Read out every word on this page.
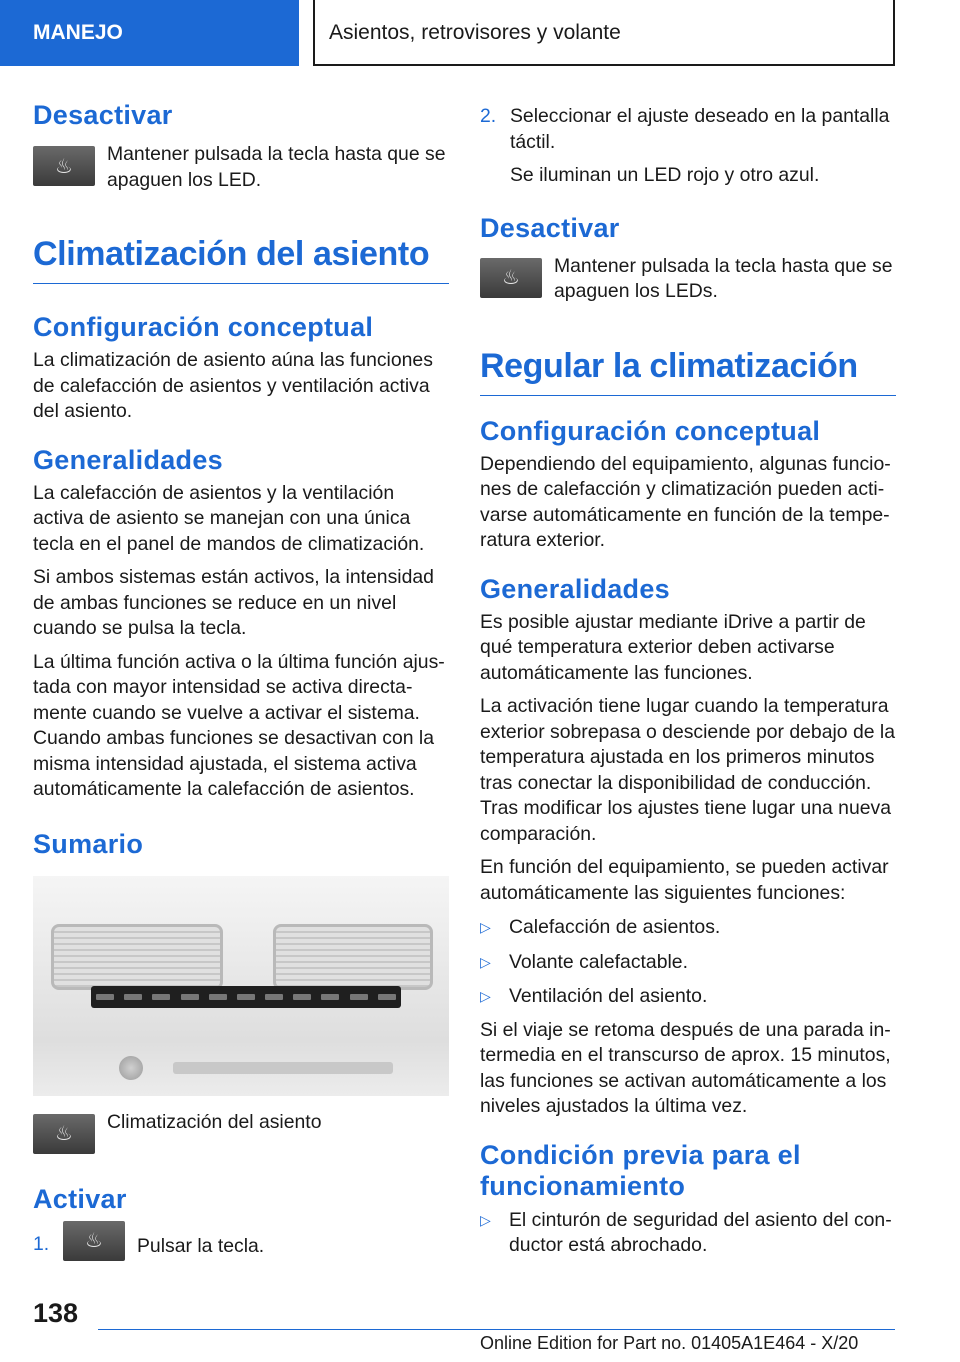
MANEJO	Asientos, retrovisores y volante
Desactivar
♨
Mantener pulsada la tecla hasta que se apaguen los LED.
Climatización del asiento
Configuración conceptual

La climatización de asiento aúna las funciones de calefacción de asientos y ventilación activa del asiento.

Generalidades

La calefacción de asientos y la ventilación activa de asiento se manejan con una única tecla en el panel de mandos de climatización.

Si ambos sistemas están activos, la intensidad de ambas funciones se reduce en un nivel cuando se pulsa la tecla.

La última función activa o la última función ajustada con mayor intensidad se activa directamente cuando se vuelve a activar el sistema. Cuando ambas funciones se desactivan con la misma intensidad ajustada, el sistema activa automáticamente la calefacción de asientos.

Sumario
♨
Climatización del asiento
Activar
1.	♨	Pulsar la tecla.
2. Seleccionar el ajuste deseado en la pantalla táctil.

Se iluminan un LED rojo y otro azul.

Desactivar
♨
Mantener pulsada la tecla hasta que se apaguen los LEDs.
Regular la climatización
Configuración conceptual

Dependiendo del equipamiento, algunas funciones de calefacción y climatización pueden activarse automáticamente en función de la temperatura exterior.

Generalidades

Es posible ajustar mediante iDrive a partir de qué temperatura exterior deben activarse automáticamente las funciones.

La activación tiene lugar cuando la temperatura exterior sobrepasa o desciende por debajo de la temperatura ajustada en los primeros minutos tras conectar la disponibilidad de conducción. Tras modificar los ajustes tiene lugar una nueva comparación.

En función del equipamiento, se pueden activar automáticamente las siguientes funciones:

▷ Calefacción de asientos.
▷ Volante calefactable.
▷ Ventilación del asiento.

Si el viaje se retoma después de una parada intermedia en el transcurso de aprox. 15 minutos, las funciones se activan automáticamente a los niveles ajustados la última vez.

Condición previa para el funcionamiento
▷ El cinturón de seguridad del asiento del conductor está abrochado.
138
Online Edition for Part no. 01405A1E464 - X/20
